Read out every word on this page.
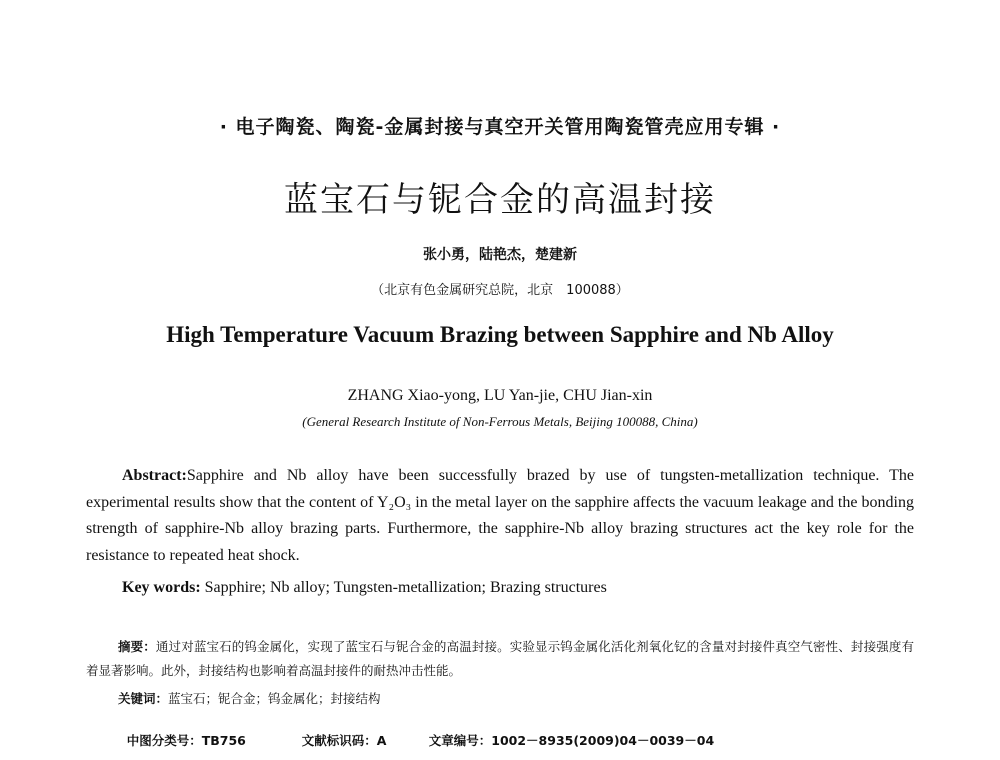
· 电子陶瓷、陶瓷-金属封接与真空开关管用陶瓷管壳应用专辑 ·
蓝宝石与铌合金的高温封接
张小勇，陆艳杰，楚建新
（北京有色金属研究总院，北京　100088）
High Temperature Vacuum Brazing between Sapphire and Nb Alloy
ZHANG Xiao-yong, LU Yan-jie, CHU Jian-xin
(General Research Institute of Non-Ferrous Metals, Beijing 100088, China)

Abstract:Sapphire and Nb alloy have been successfully brazed by use of tungsten-metallization technique. The experimental results show that the content of Y₂O₃ in the metal layer on the sapphire affects the vacuum leakage and the bonding strength of sapphire-Nb alloy brazing parts. Furthermore, the sapphire-Nb alloy brazing structures act the key role for the resistance to repeated heat shock.

Key words: Sapphire; Nb alloy; Tungsten-metallization; Brazing structures

摘要：通过对蓝宝石的钨金属化，实现了蓝宝石与铌合金的高温封接。实验显示钨金属化活化剂氧化钇的含量对封接件真空气密性、封接强度有着显著影响。此外，封接结构也影响着高温封接件的耐热冲击性能。

关键词：蓝宝石；铌合金；钨金属化；封接结构

中图分类号：TB756	文献标识码：A	文章编号：1002－8935(2009)04－0039－04
